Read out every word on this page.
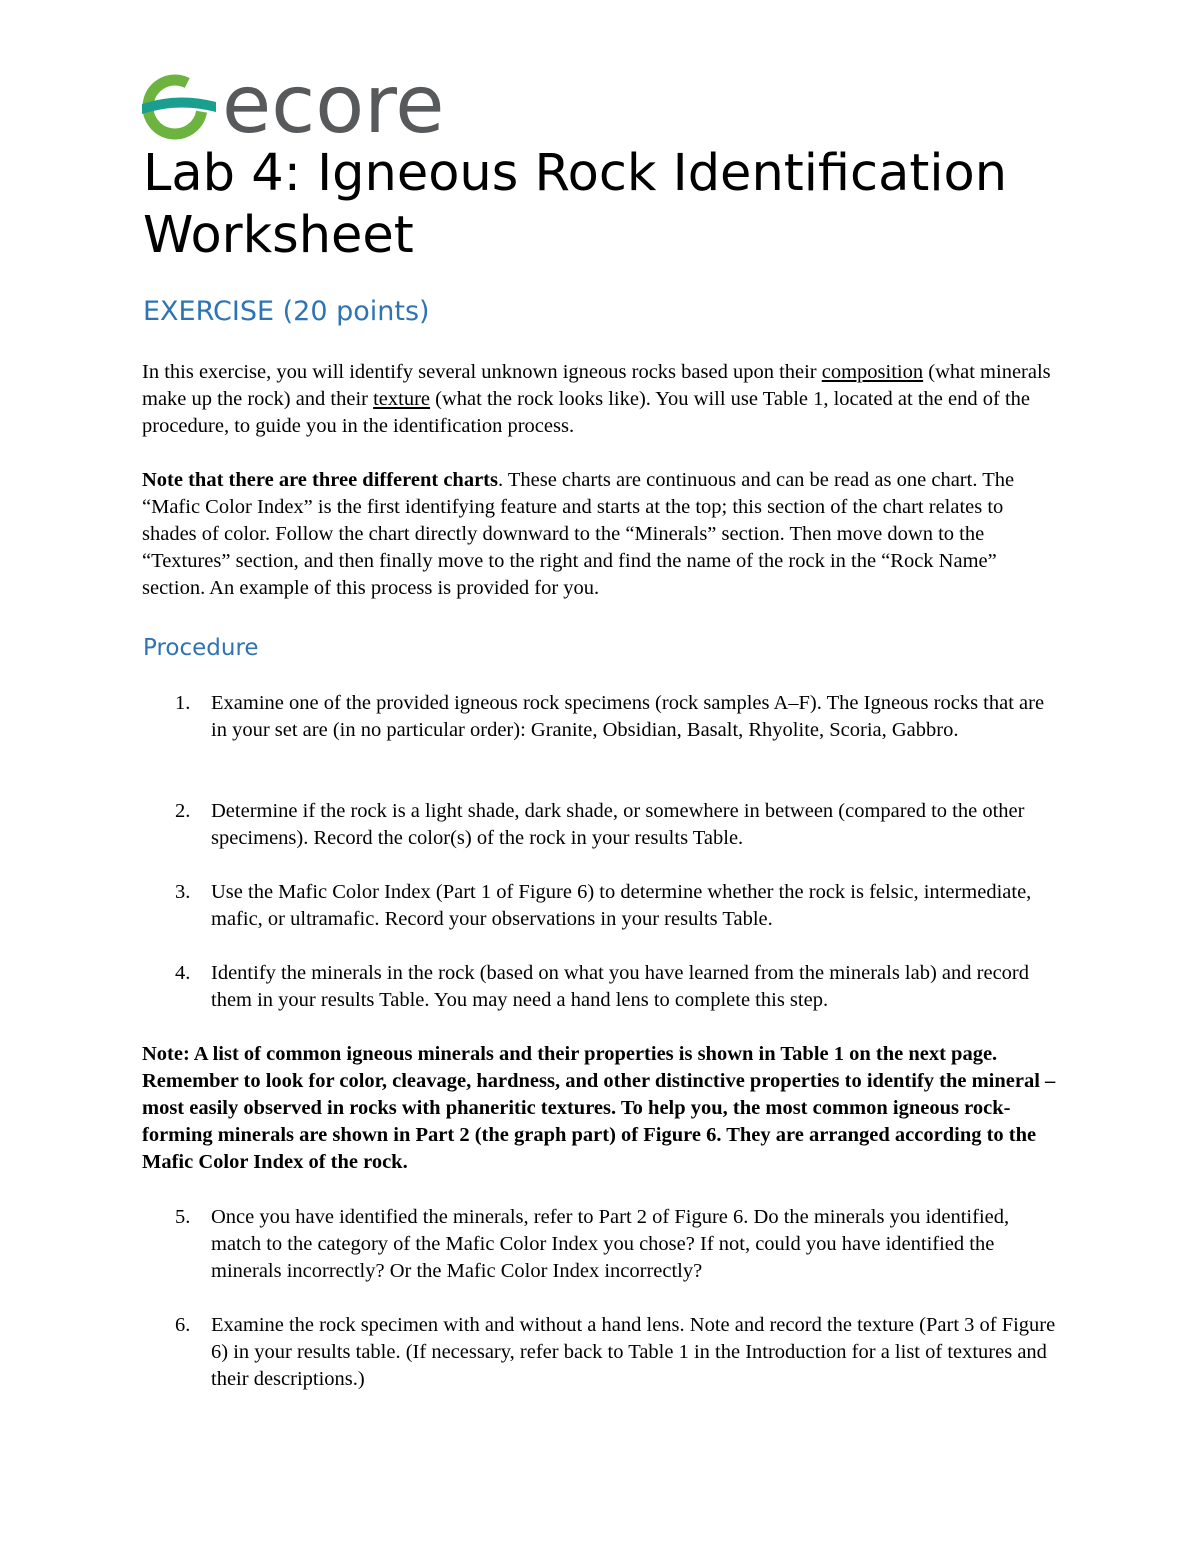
ecore
Lab 4: Igneous Rock Identification Worksheet
EXERCISE (20 points)

In this exercise, you will identify several unknown igneous rocks based upon their composition (what minerals make up the rock) and their texture (what the rock looks like). You will use Table 1, located at the end of the procedure, to guide you in the identification process.

Note that there are three different charts. These charts are continuous and can be read as one chart. The “Mafic Color Index” is the first identifying feature and starts at the top; this section of the chart relates to shades of color. Follow the chart directly downward to the “Minerals” section. Then move down to the “Textures” section, and then finally move to the right and find the name of the rock in the “Rock Name” section. An example of this process is provided for you.

Procedure
1.	Examine one of the provided igneous rock specimens (rock samples A–F). The Igneous rocks that are in your set are (in no particular order): Granite, Obsidian, Basalt, Rhyolite, Scoria, Gabbro.

2.	Determine if the rock is a light shade, dark shade, or somewhere in between (compared to the other specimens). Record the color(s) of the rock in your results Table.

3.	Use the Mafic Color Index (Part 1 of Figure 6) to determine whether the rock is felsic, intermediate, mafic, or ultramafic. Record your observations in your results Table.

4.	Identify the minerals in the rock (based on what you have learned from the minerals lab) and record them in your results Table. You may need a hand lens to complete this step.

Note: A list of common igneous minerals and their properties is shown in Table 1 on the next page. Remember to look for color, cleavage, hardness, and other distinctive properties to identify the mineral – most easily observed in rocks with phaneritic textures. To help you, the most common igneous rock-forming minerals are shown in Part 2 (the graph part) of Figure 6. They are arranged according to the Mafic Color Index of the rock.

5.	Once you have identified the minerals, refer to Part 2 of Figure 6. Do the minerals you identified, match to the category of the Mafic Color Index you chose? If not, could you have identified the minerals incorrectly? Or the Mafic Color Index incorrectly?

6.	Examine the rock specimen with and without a hand lens. Note and record the texture (Part 3 of Figure 6) in your results table. (If necessary, refer back to Table 1 in the Introduction for a list of textures and their descriptions.)
